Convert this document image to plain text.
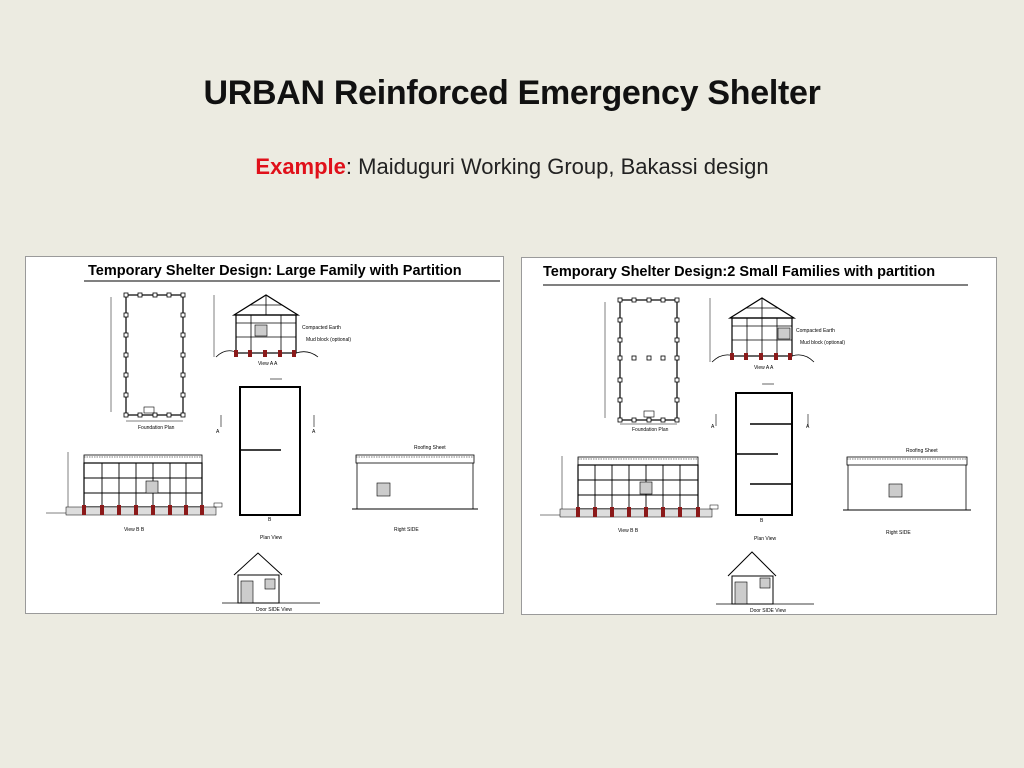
URBAN Reinforced Emergency Shelter
Example: Maiduguri Working Group, Bakassi design
Temporary Shelter Design: Large Family with Partition
Foundation Plan
Compacted Earth
Mud block (optional)
View A A
A	A
B
Plan View
View B B
Roofing Sheet
Right SIDE
Door SIDE View
Temporary Shelter Design:2 Small Families with partition
Foundation Plan
Compacted Earth
Mud block (optional)
View A A
A	A
B
Plan View
View B B
Roofing Sheet
Right SIDE
Door SIDE View
